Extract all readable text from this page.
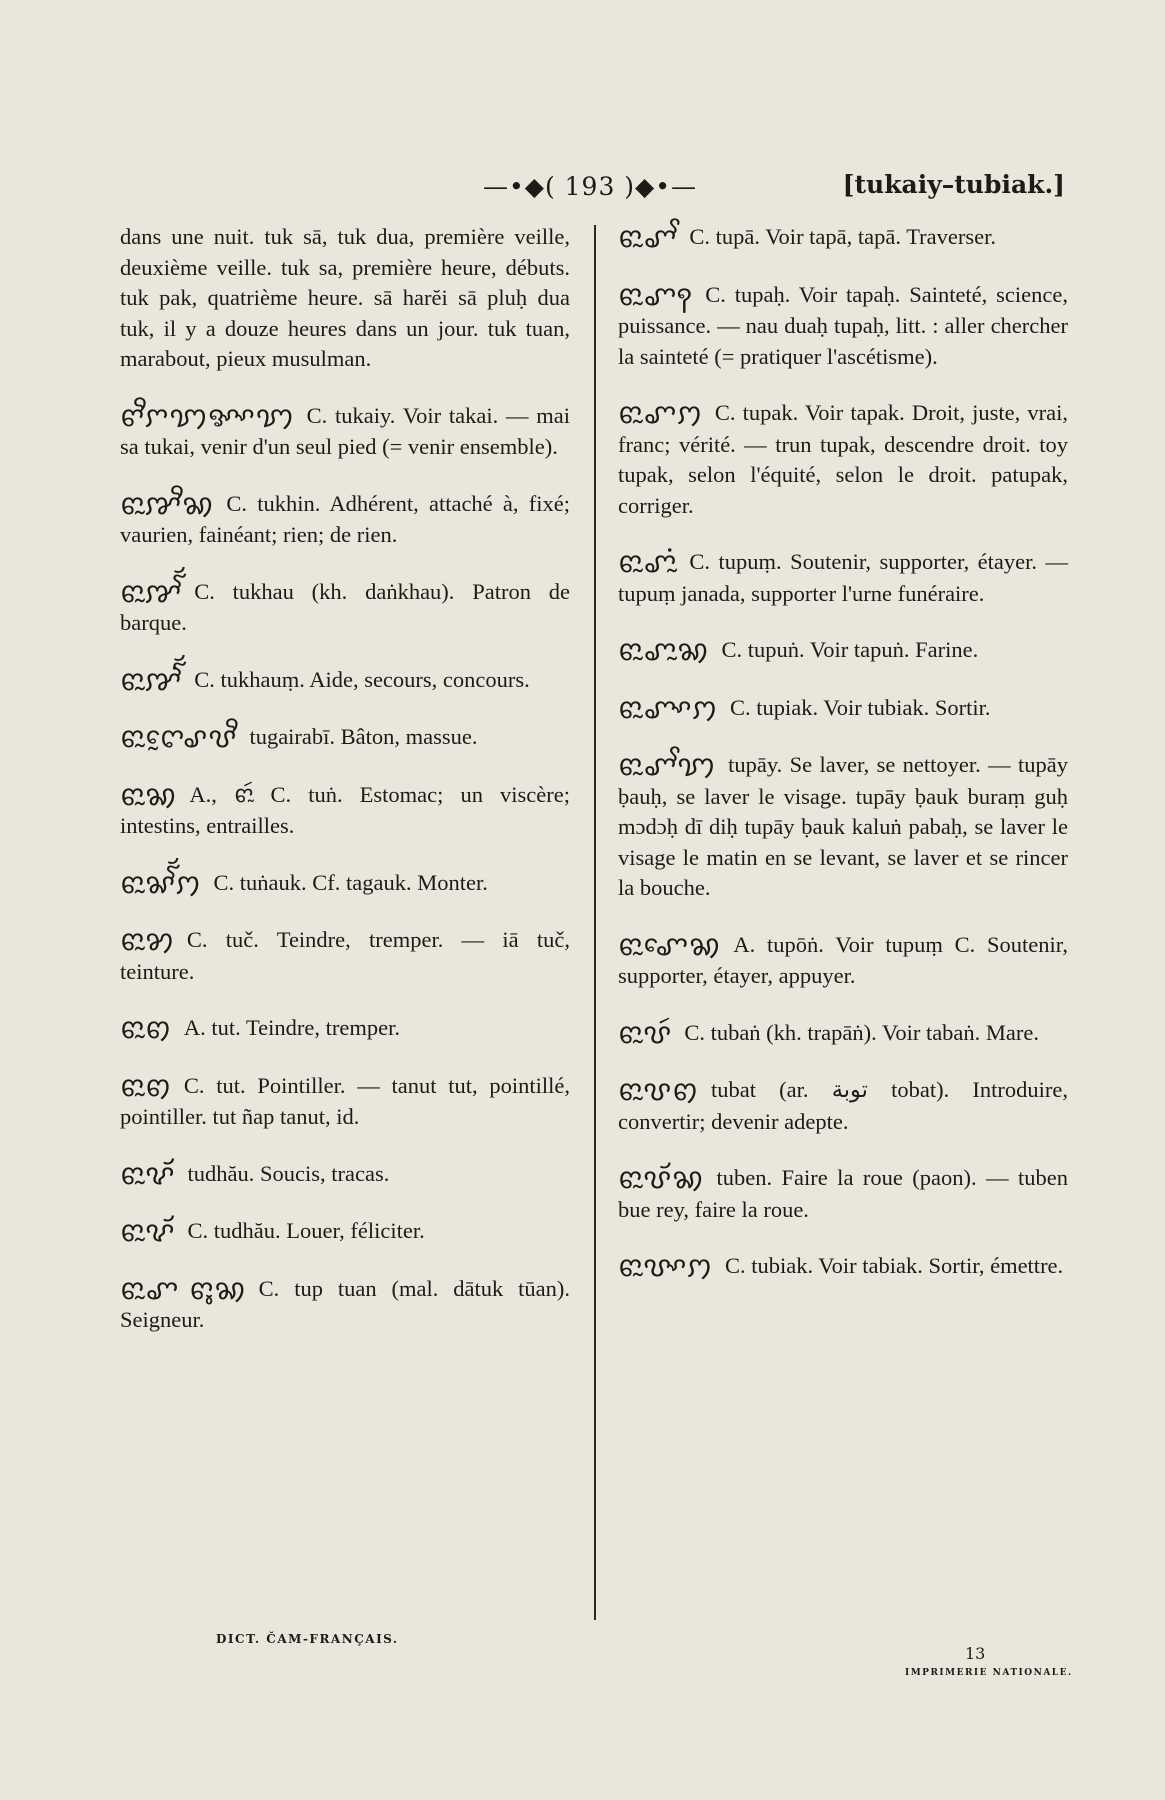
—•◆( 193 )◆•—	[tukaiy–tubiak.]

dans une nuit. tuk sā, tuk dua, première veille, deuxième veille. tuk sa, première heure, débuts. tuk pak, quatrième heure. sā harĕi sā pluḥ dua tuk, il y a douze heures dans un jour. tuk tuan, marabout, pieux musulman.

ꨓꨪꨆꩈꨀꨳꩈ C. tukaiy. Voir takai. — mai sa tukai, venir d'un seul pied (= venir ensemble).

ꨓꨭꨇꨪꩆ C. tukhin. Adhérent, attaché à, fixé; vaurien, fainéant; rien; de rien.

ꨓꨭꨇꨮꨱ C. tukhau (kh. daṅkhau). Patron de barque.

ꨓꨭꨇꨮꨱꩌ C. tukhauṃ. Aide, secours, concours.

ꨓꨭꨈꨰꨣꨝꨪ tugairabī. Bâton, massue.

ꨓꨭꩆ A., ꨓꨭꩃ C. tuṅ. Estomac; un viscère; intestins, entrailles.

ꨓꨭꨗꨮꨱꩀ C. tuṅauk. Cf. tagauk. Monter.

ꨓꨭꩄ C. tuč. Teindre, tremper. — iā tuč, teinture.

ꨓꨭꩅ A. tut. Teindre, tremper.

ꨓꨭꩅ C. tut. Pointiller. — tanut tut, pointillé, pointiller. tut ñap tanut, id.

ꨓꨭꨖꨮꨮ tudhău. Soucis, tracas.

ꨓꨭꨖꨮꨮ C. tudhău. Louer, féliciter.

ꨓꨭꨚ ꨓꨶꩆ C. tup tuan (mal. dātuk tūan). Seigneur.

ꨓꨭꨚꨩ C. tupā. Voir tapā, tapā. Traverser.

ꨓꨭꨚꩍ C. tupaḥ. Voir tapaḥ. Sainteté, science, puissance. — nau duaḥ tupaḥ, litt. : aller chercher la sainteté (= pratiquer l'ascétisme).

ꨓꨭꨚꩀ C. tupak. Voir tapak. Droit, juste, vrai, franc; vérité. — trun tupak, descendre droit. toy tupak, selon l'équité, selon le droit. patupak, corriger.

ꨓꨭꨚꨭꩌ C. tupuṃ. Soutenir, supporter, étayer. — tupuṃ janada, supporter l'urne funéraire.

ꨓꨭꨚꨭꩆ C. tupuṅ. Voir tapuṅ. Farine.

ꨓꨭꨚꨳꩀ C. tupiak. Voir tubiak. Sortir.

ꨓꨭꨚꨩꩈ tupāy. Se laver, se nettoyer. — tupāy ḅauḥ, se laver le visage. tupāy ḅauk buraṃ guḥ mɔdɔḥ dī diḥ tupāy ḅauk kaluṅ pabaḥ, se laver le visage le matin en se levant, se laver et se rincer la bouche.

ꨓꨭꨚꨯꩆ A. tupōṅ. Voir tupuṃ C. Soutenir, supporter, étayer, appuyer.

ꨓꨭꨝꩃ C. tubaṅ (kh. trapāṅ). Voir tabaṅ. Mare.

ꨓꨭꨝꩅ tubat (ar. توبة tobat). Introduire, convertir; devenir adepte.

ꨓꨭꨝꨮꩆ tuben. Faire la roue (paon). — tuben bue rey, faire la roue.

ꨓꨭꨝꨳꩀ C. tubiak. Voir tabiak. Sortir, émettre.

DICT. ČAM-FRANÇAIS.
13
IMPRIMERIE NATIONALE.
